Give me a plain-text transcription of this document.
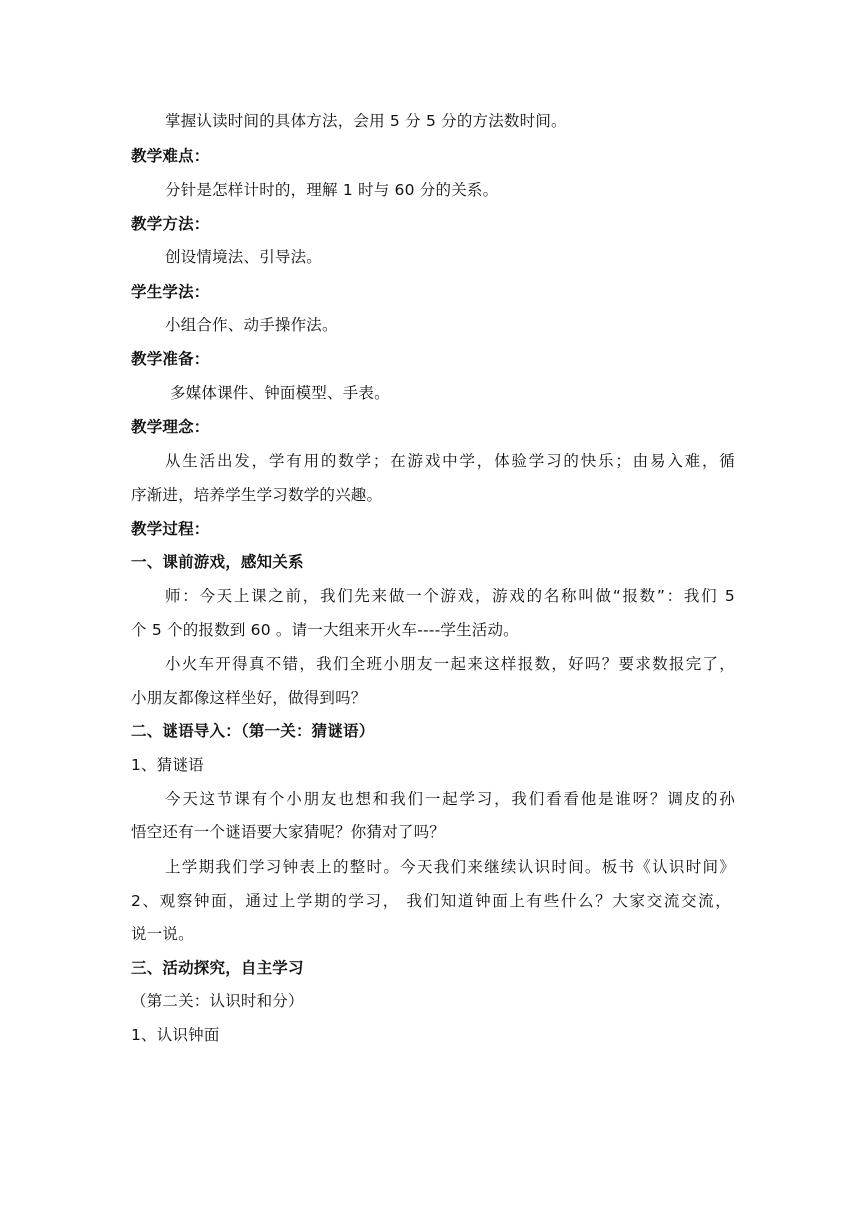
掌握认读时间的具体方法，会用 5 分 5 分的方法数时间。
教学难点：
分针是怎样计时的，理解 1 时与 60 分的关系。
教学方法：
创设情境法、引导法。
学生学法：
小组合作、动手操作法。
教学准备：
多媒体课件、钟面模型、手表。
教学理念：
从生活出发，学有用的数学；在游戏中学，体验学习的快乐；由易入难，循
序渐进，培养学生学习数学的兴趣。
教学过程：
一、课前游戏，感知关系
师：今天上课之前，我们先来做一个游戏，游戏的名称叫做“报数”：我们 5
个 5 个的报数到 60 。请一大组来开火车----学生活动。
小火车开得真不错，我们全班小朋友一起来这样报数，好吗？要求数报完了，
小朋友都像这样坐好，做得到吗？
二、谜语导入：（第一关：猜谜语）
1、猜谜语
今天这节课有个小朋友也想和我们一起学习，我们看看他是谁呀？调皮的孙
悟空还有一个谜语要大家猜呢？你猜对了吗？
上学期我们学习钟表上的整时。今天我们来继续认识时间。板书《认识时间》
2、观察钟面，通过上学期的学习， 我们知道钟面上有些什么？大家交流交流，
说一说。
三、活动探究，自主学习
（第二关：认识时和分）
1、认识钟面
